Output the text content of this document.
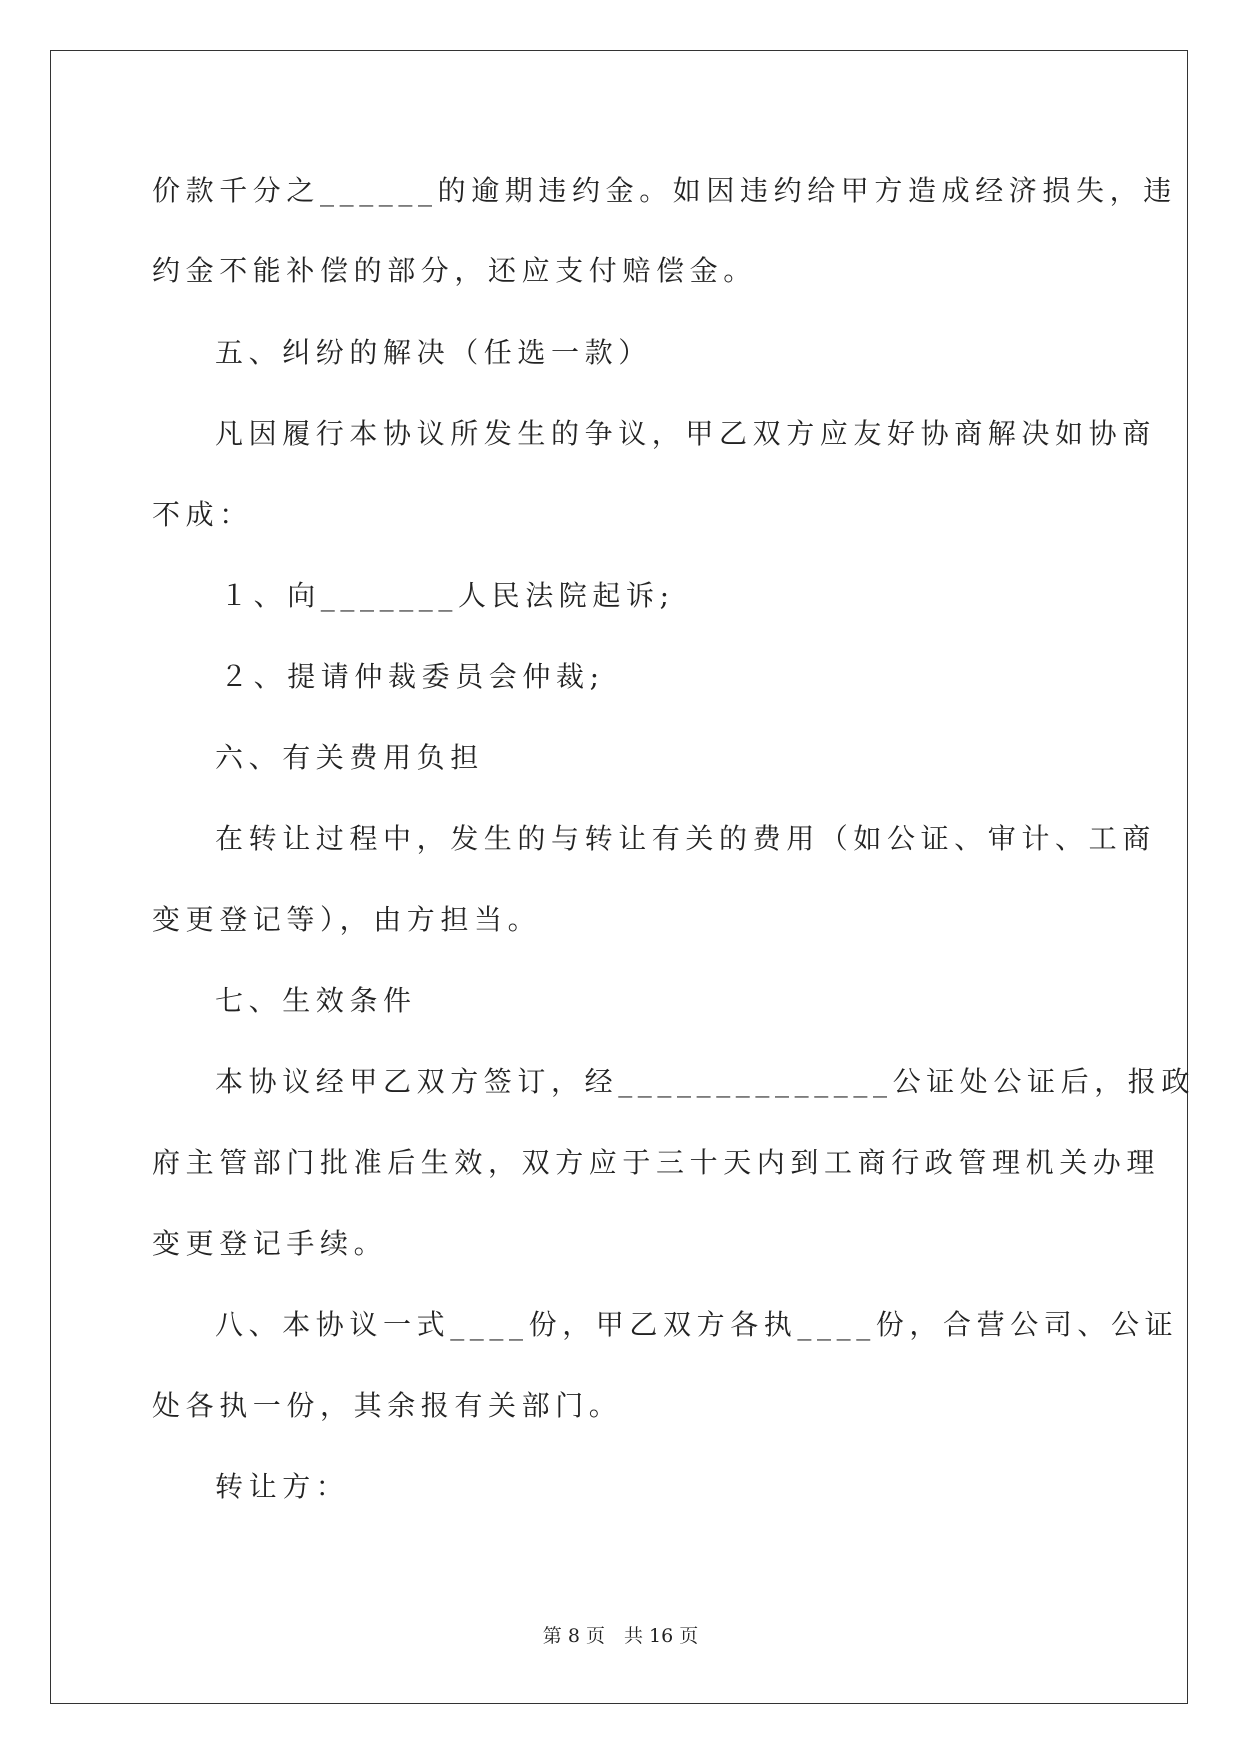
价款千分之______的逾期违约金。如因违约给甲方造成经济损失，违
约金不能补偿的部分，还应支付赔偿金。
五、纠纷的解决（任选一款）
凡因履行本协议所发生的争议，甲乙双方应友好协商解决如协商
不成：
１、向_______人民法院起诉;
２、提请仲裁委员会仲裁;
六、有关费用负担
在转让过程中，发生的与转让有关的费用（如公证、审计、工商
变更登记等），由方担当。
七、生效条件
本协议经甲乙双方签订，经______________公证处公证后，报政
府主管部门批准后生效，双方应于三十天内到工商行政管理机关办理
变更登记手续。
八、本协议一式____份，甲乙双方各执____份，合营公司、公证
处各执一份，其余报有关部门。
转让方：
第 8 页　共 16 页
